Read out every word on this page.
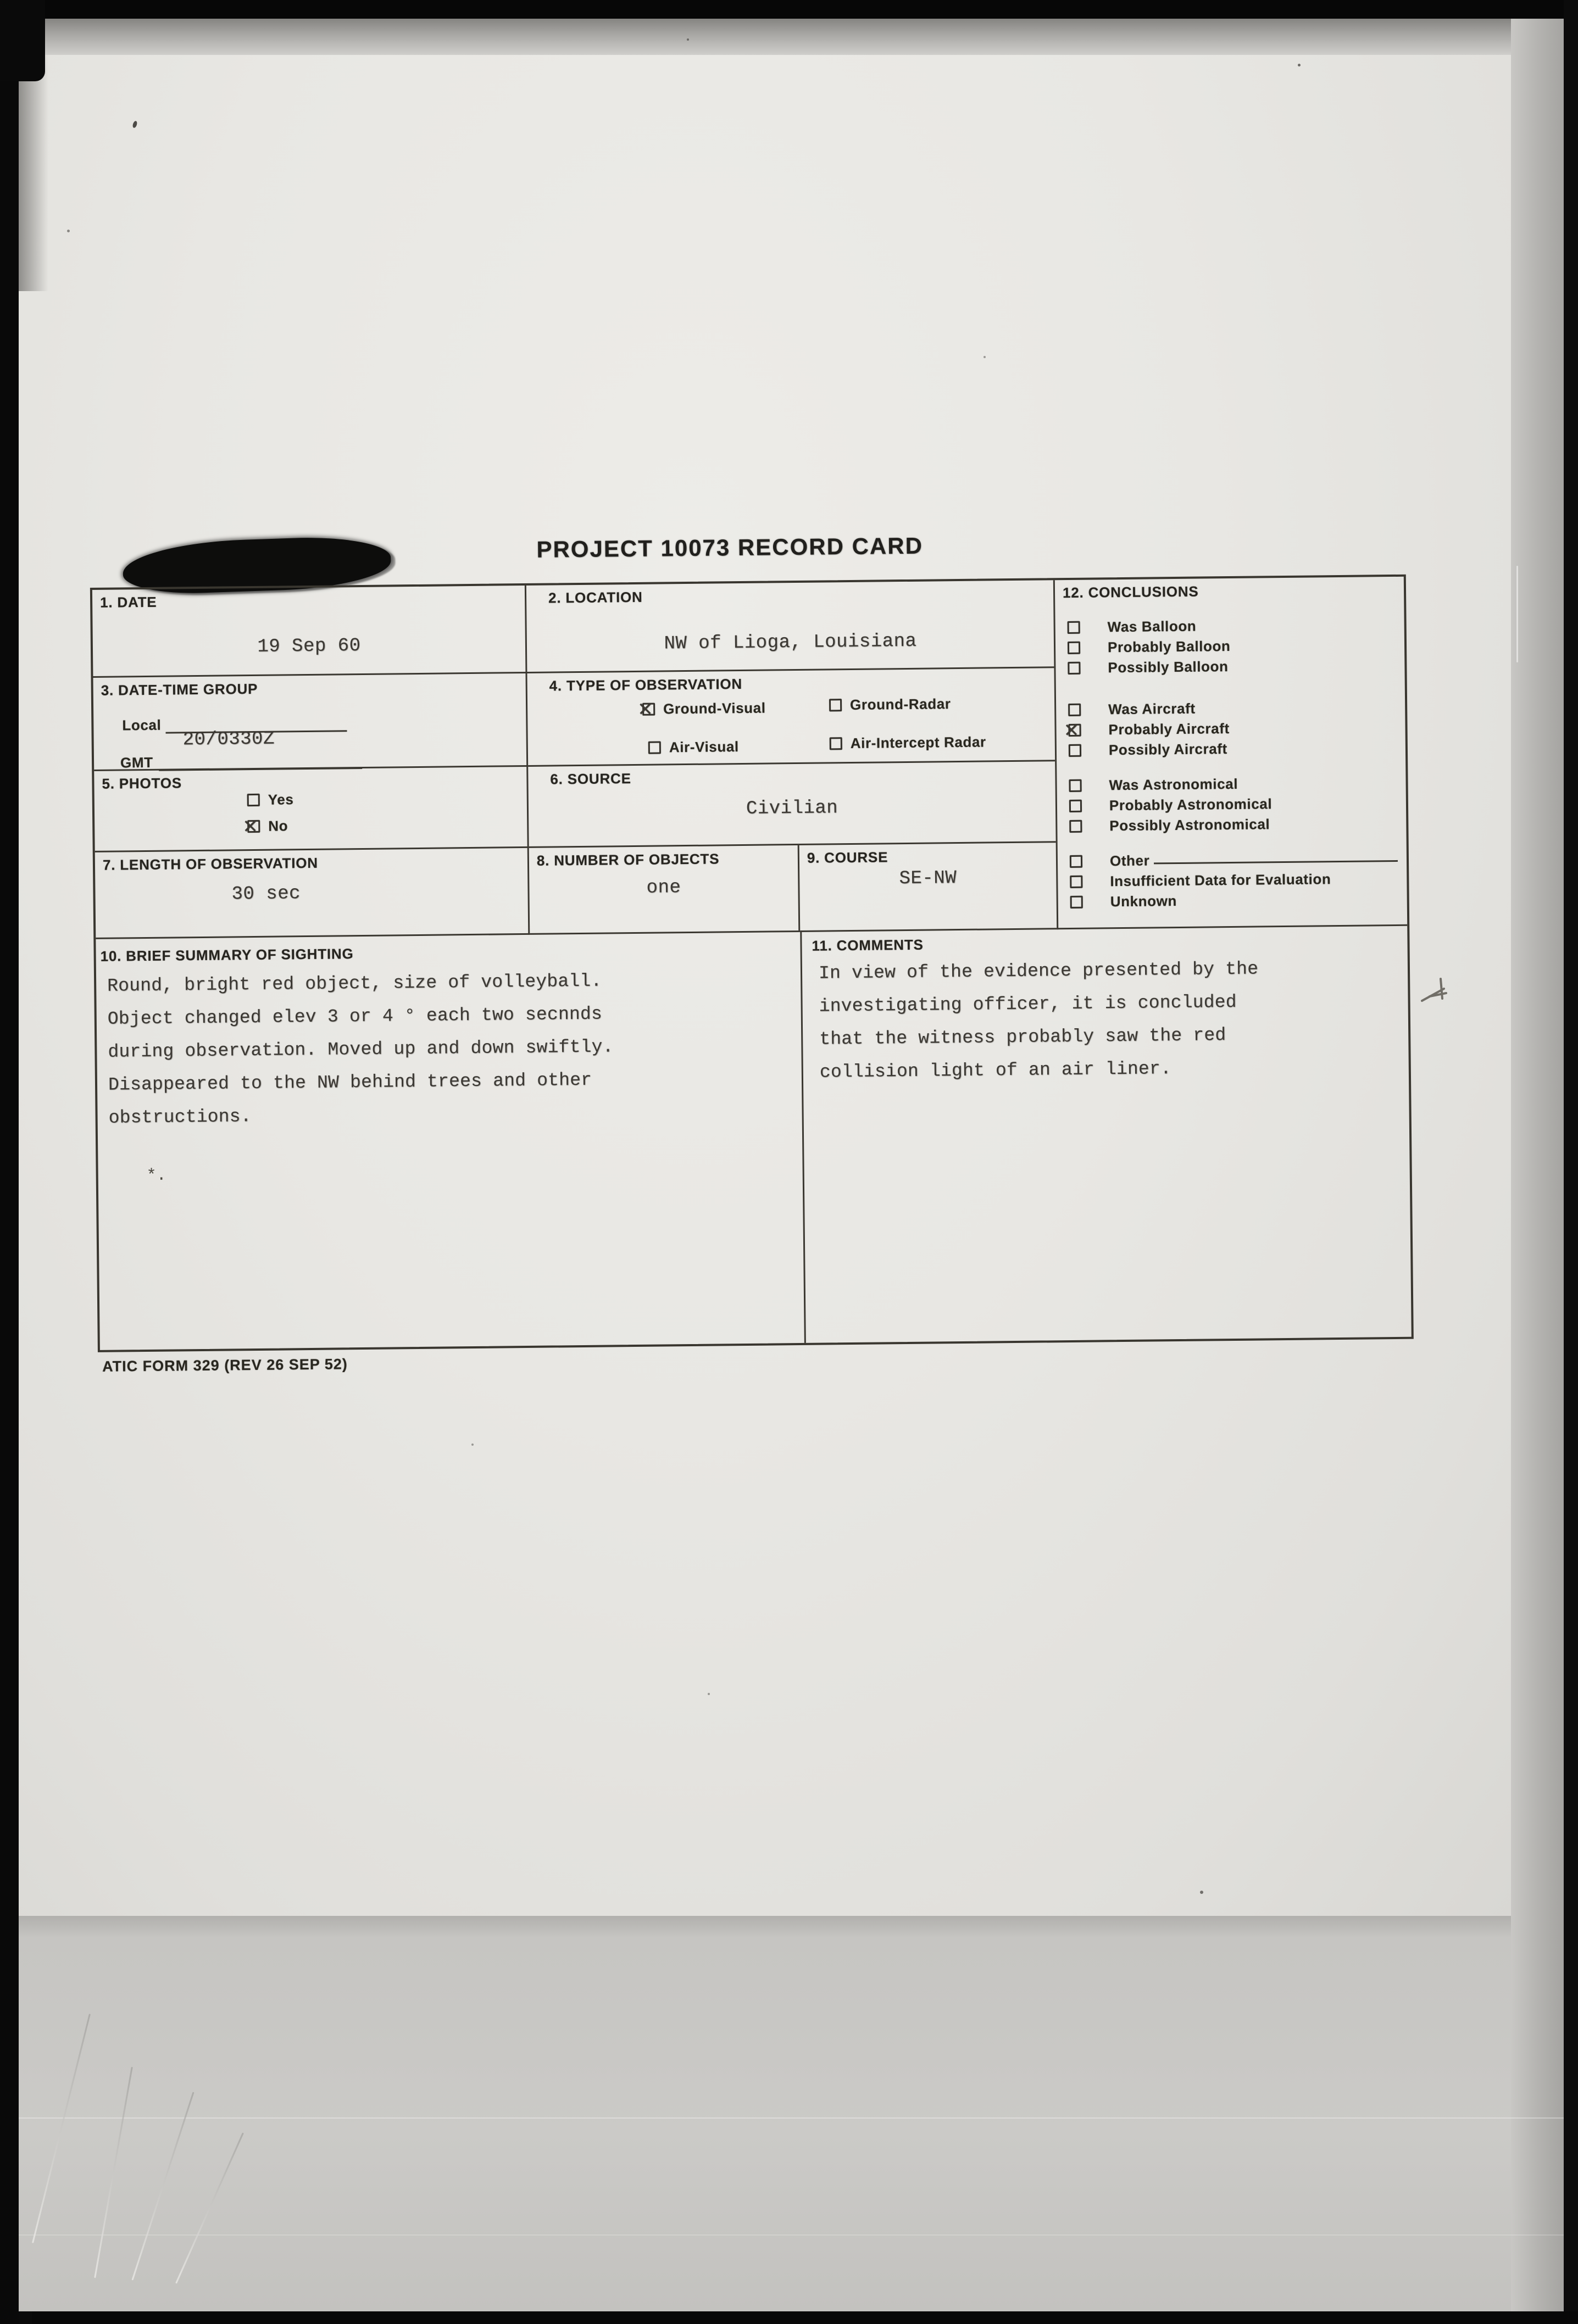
PROJECT 10073 RECORD CARD
1. DATE
19 Sep 60
2. LOCATION
NW of Lioga, Louisiana
3. DATE-TIME GROUP
Local
20/0330Z
GMT
4. TYPE OF OBSERVATION
✕
Ground-Visual	Ground-Radar
Air-Visual	Air-Intercept Radar
5. PHOTOS
Yes
✕
No
6. SOURCE
Civilian
7. LENGTH OF OBSERVATION
30 sec
8. NUMBER OF OBJECTS
one
9. COURSE
SE-NW
12. CONCLUSIONS
Was Balloon
Probably Balloon
Possibly Balloon
Was Aircraft
✕
Probably Aircraft
Possibly Aircraft
Was Astronomical
Probably Astronomical
Possibly Astronomical
Other
Insufficient Data for Evaluation
Unknown
10. BRIEF SUMMARY OF SIGHTING
Round, bright red object, size of volleyball.
Object changed elev 3 or 4 ° each two secnnds
during observation. Moved up and down swiftly.
Disappeared to the NW behind trees and other
obstructions.
*.
11. COMMENTS
In view of the evidence presented by the
investigating officer, it is concluded
that the witness probably saw the red
collision light of an air liner.
ATIC FORM 329 (REV 26 SEP 52)
